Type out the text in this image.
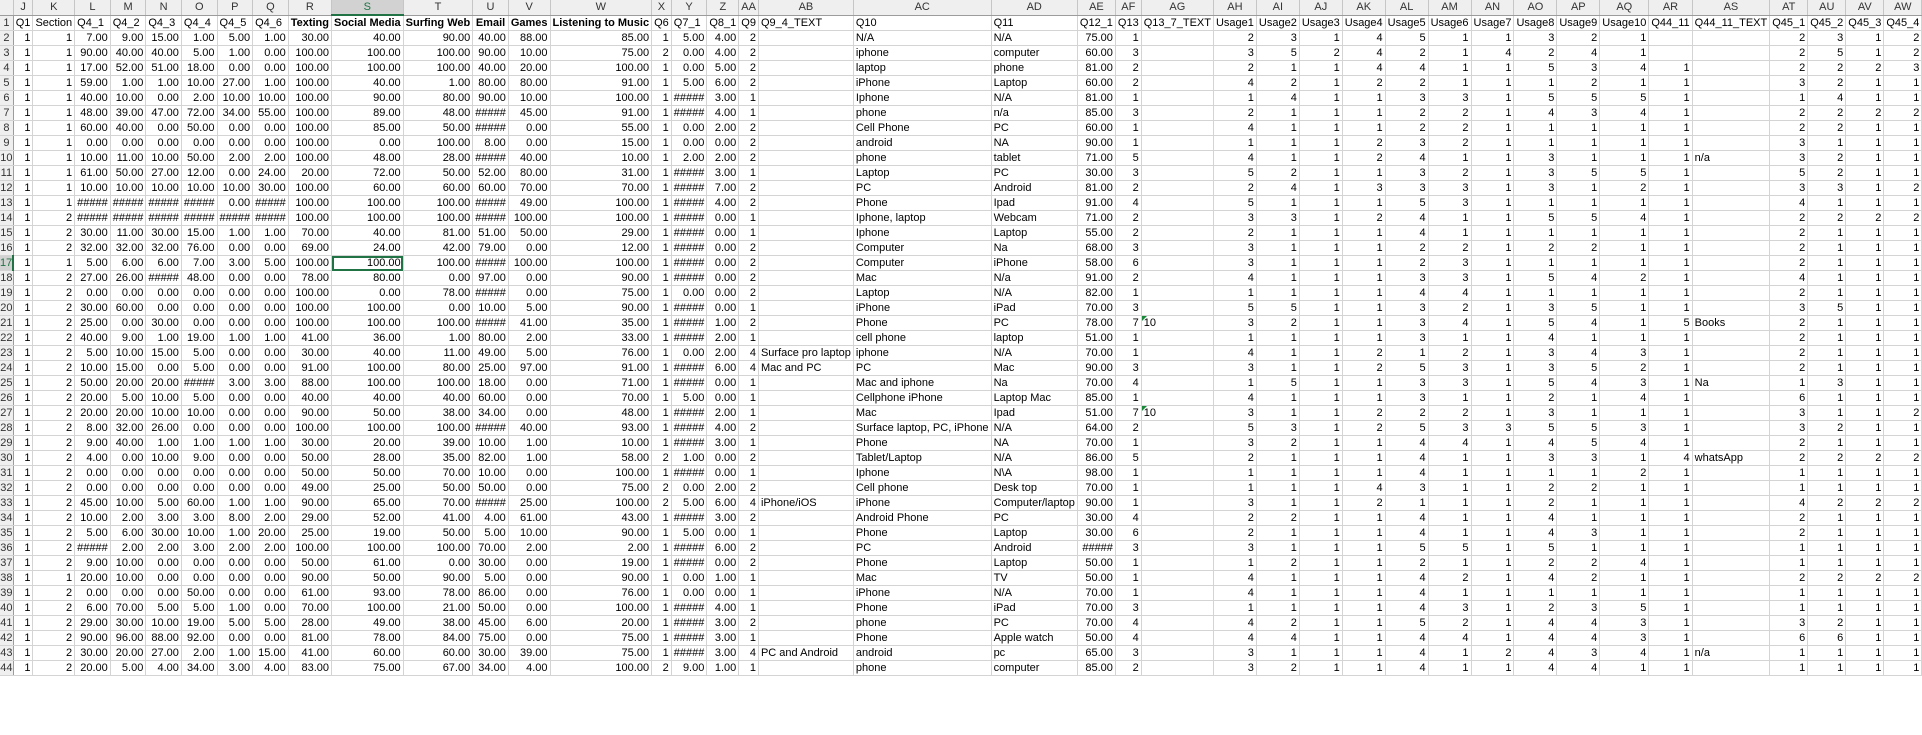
	J	K	L	M	N	O	P	Q	R	S	T	U	V	W	X	Y	Z	AA	AB	AC	AD	AE	AF	AG	AH	AI	AJ	AK	AL	AM	AN	AO	AP	AQ	AR	AS	AT	AU	AV	AW
1	Q1	Section	Q4_1	Q4_2	Q4_3	Q4_4	Q4_5	Q4_6	Texting	Social Media	Surfing Web	Email	Games	Listening to Music	Q6	Q7_1	Q8_1	Q9	Q9_4_TEXT	Q10	Q11	Q12_1	Q13	Q13_7_TEXT	Usage1	Usage2	Usage3	Usage4	Usage5	Usage6	Usage7	Usage8	Usage9	Usage10	Q44_11	Q44_11_TEXT	Q45_1	Q45_2	Q45_3	Q45_4
2	1	1	7.00	9.00	15.00	1.00	5.00	1.00	30.00	40.00	90.00	40.00	88.00	85.00	1	5.00	4.00	2		N/A	N/A	75.00	1		2	3	1	4	5	1	1	3	2	1			2	3	1	2
3	1	1	90.00	40.00	40.00	5.00	1.00	0.00	100.00	100.00	100.00	90.00	10.00	75.00	2	0.00	4.00	2		iphone	computer	60.00	3		3	5	2	4	2	1	4	2	4	1			2	5	1	2
4	1	1	17.00	52.00	51.00	18.00	0.00	0.00	100.00	100.00	100.00	40.00	20.00	100.00	1	0.00	5.00	2		laptop	phone	81.00	2		2	1	1	4	4	1	1	5	3	4	1		2	2	2	3
5	1	1	59.00	1.00	1.00	10.00	27.00	1.00	100.00	40.00	1.00	80.00	80.00	91.00	1	5.00	6.00	2		iPhone	Laptop	60.00	2		4	2	1	2	2	1	1	1	2	1	1		3	2	1	1
6	1	1	40.00	10.00	0.00	2.00	10.00	10.00	100.00	90.00	80.00	90.00	10.00	100.00	1	#####	3.00	1		Iphone	N/A	81.00	1		1	4	1	1	3	3	1	5	5	5	1		1	4	1	1
7	1	1	48.00	39.00	47.00	72.00	34.00	55.00	100.00	89.00	48.00	#####	45.00	91.00	1	#####	4.00	1		phone	n/a	85.00	3		2	1	1	1	2	2	1	4	3	4	1		2	2	2	2
8	1	1	60.00	40.00	0.00	50.00	0.00	0.00	100.00	85.00	50.00	#####	0.00	55.00	1	0.00	2.00	2		Cell Phone	PC	60.00	1		4	1	1	1	2	2	1	1	1	1	1		2	2	1	1
9	1	1	0.00	0.00	0.00	0.00	0.00	0.00	100.00	0.00	100.00	8.00	0.00	15.00	1	0.00	0.00	2		android	NA	90.00	1		1	1	1	2	3	2	1	1	1	1	1		3	1	1	1
10	1	1	10.00	11.00	10.00	50.00	2.00	2.00	100.00	48.00	28.00	#####	40.00	10.00	1	2.00	2.00	2		phone	tablet	71.00	5		4	1	1	2	4	1	1	3	1	1	1	n/a	3	2	1	1
11	1	1	61.00	50.00	27.00	12.00	0.00	24.00	20.00	72.00	50.00	52.00	80.00	31.00	1	#####	3.00	1		Laptop	PC	30.00	3		5	2	1	1	3	2	1	3	5	5	1		5	2	1	1
12	1	1	10.00	10.00	10.00	10.00	10.00	30.00	100.00	60.00	60.00	60.00	70.00	70.00	1	#####	7.00	2		PC	Android	81.00	2		2	4	1	3	3	3	1	3	1	2	1		3	3	1	2
13	1	1	#####	#####	#####	#####	0.00	#####	100.00	100.00	100.00	#####	49.00	100.00	1	#####	4.00	2		Phone	Ipad	91.00	4		5	1	1	1	5	3	1	1	1	1	1		4	1	1	1
14	1	2	#####	#####	#####	#####	#####	#####	100.00	100.00	100.00	#####	100.00	100.00	1	#####	0.00	1		Iphone, laptop	Webcam	71.00	2		3	3	1	2	4	1	1	5	5	4	1		2	2	2	2
15	1	2	30.00	11.00	30.00	15.00	1.00	1.00	70.00	40.00	81.00	51.00	50.00	29.00	1	#####	0.00	1		Iphone	Laptop	55.00	2		2	1	1	1	4	1	1	1	1	1	1		2	1	1	1
16	1	2	32.00	32.00	32.00	76.00	0.00	0.00	69.00	24.00	42.00	79.00	0.00	12.00	1	#####	0.00	2		Computer	Na	68.00	3		3	1	1	1	2	2	1	2	2	1	1		2	1	1	1
17	1	1	5.00	6.00	6.00	7.00	3.00	5.00	100.00	100.00	100.00	#####	100.00	100.00	1	#####	0.00	2		Computer	iPhone	58.00	6		3	1	1	1	2	3	1	1	1	1	1		2	1	1	1
18	1	2	27.00	26.00	#####	48.00	0.00	0.00	78.00	80.00	0.00	97.00	0.00	90.00	1	#####	0.00	2		Mac	N/a	91.00	2		4	1	1	1	3	3	1	5	4	2	1		4	1	1	1
19	1	2	0.00	0.00	0.00	0.00	0.00	0.00	100.00	0.00	78.00	#####	0.00	75.00	1	0.00	0.00	2		Laptop	N/A	82.00	1		1	1	1	1	4	4	1	1	1	1	1		2	1	1	1
20	1	2	30.00	60.00	0.00	0.00	0.00	0.00	100.00	100.00	0.00	10.00	5.00	90.00	1	#####	0.00	1		iPhone	iPad	70.00	3		5	5	1	1	3	2	1	3	5	1	1		3	5	1	1
21	1	2	25.00	0.00	30.00	0.00	0.00	0.00	100.00	100.00	100.00	#####	41.00	35.00	1	#####	1.00	2		Phone	PC	78.00	7	10	3	2	1	1	3	4	1	5	4	1	5	Books	2	1	1	1
22	1	2	40.00	9.00	1.00	19.00	1.00	1.00	41.00	36.00	1.00	80.00	2.00	33.00	1	#####	2.00	1		cell phone	laptop	51.00	1		1	1	1	1	3	1	1	4	1	1	1		2	1	1	1
23	1	2	5.00	10.00	15.00	5.00	0.00	0.00	30.00	40.00	11.00	49.00	5.00	76.00	1	0.00	2.00	4	Surface pro laptop	iphone	N/A	70.00	1		4	1	1	2	1	2	1	3	4	3	1		2	1	1	1
24	1	2	10.00	15.00	0.00	5.00	0.00	0.00	91.00	100.00	80.00	25.00	97.00	91.00	1	#####	6.00	4	Mac and PC	PC	Mac	90.00	3		3	1	1	2	5	3	1	3	5	2	1		2	1	1	1
25	1	2	50.00	20.00	20.00	#####	3.00	3.00	88.00	100.00	100.00	18.00	0.00	71.00	1	#####	0.00	1		Mac and iphone	Na	70.00	4		1	5	1	1	3	3	1	5	4	3	1	Na	1	3	1	1
26	1	2	20.00	5.00	10.00	5.00	0.00	0.00	40.00	40.00	40.00	60.00	0.00	70.00	1	5.00	0.00	1		Cellphone iPhone	Laptop Mac	85.00	1		4	1	1	1	3	1	1	2	1	4	1		6	1	1	1
27	1	2	20.00	20.00	10.00	10.00	0.00	0.00	90.00	50.00	38.00	34.00	0.00	48.00	1	#####	2.00	1		Mac	Ipad	51.00	7	10	3	1	1	2	2	2	1	3	1	1	1		3	1	1	2
28	1	2	8.00	32.00	26.00	0.00	0.00	0.00	100.00	100.00	100.00	#####	40.00	93.00	1	#####	4.00	2		Surface laptop, PC, iPhone	N/A	64.00	2		5	3	1	2	5	3	3	5	5	3	1		3	2	1	1
29	1	2	9.00	40.00	1.00	1.00	1.00	1.00	30.00	20.00	39.00	10.00	1.00	10.00	1	#####	3.00	1		Phone	NA	70.00	1		3	2	1	1	4	4	1	4	5	4	1		2	1	1	1
30	1	2	4.00	0.00	10.00	9.00	0.00	0.00	50.00	28.00	35.00	82.00	1.00	58.00	2	1.00	0.00	2		Tablet/Laptop	N/A	86.00	5		2	1	1	1	4	1	1	3	3	1	4	whatsApp	2	2	2	2
31	1	2	0.00	0.00	0.00	0.00	0.00	0.00	50.00	50.00	70.00	10.00	0.00	100.00	1	#####	0.00	1		Iphone	N\A	98.00	1		1	1	1	1	4	1	1	1	1	2	1		1	1	1	1
32	1	2	0.00	0.00	0.00	0.00	0.00	0.00	49.00	25.00	50.00	50.00	0.00	75.00	2	0.00	2.00	2		Cell phone	Desk top	70.00	1		1	1	1	4	3	1	1	2	2	1	1		1	1	1	1
33	1	2	45.00	10.00	5.00	60.00	1.00	1.00	90.00	65.00	70.00	#####	25.00	100.00	2	5.00	6.00	4	iPhone/iOS	iPhone	Computer/laptop	90.00	1		3	1	1	2	1	1	1	2	1	1	1		4	2	2	2
34	1	2	10.00	2.00	3.00	3.00	8.00	2.00	29.00	52.00	41.00	4.00	61.00	43.00	1	#####	3.00	2		Android Phone	PC	30.00	4		2	2	1	1	4	1	1	4	1	1	1		2	1	1	1
35	1	2	5.00	6.00	30.00	10.00	1.00	20.00	25.00	19.00	50.00	5.00	10.00	90.00	1	5.00	0.00	1		Phone	Laptop	30.00	6		2	1	1	1	4	1	1	4	3	1	1		2	1	1	1
36	1	2	#####	2.00	2.00	3.00	2.00	2.00	100.00	100.00	100.00	70.00	2.00	2.00	1	#####	6.00	2		PC	Android	#####	3		3	1	1	1	5	5	1	5	1	1	1		1	1	1	1
37	1	2	9.00	10.00	0.00	0.00	0.00	0.00	50.00	61.00	0.00	30.00	0.00	19.00	1	#####	0.00	2		Phone	Laptop	50.00	1		1	2	1	1	2	1	1	2	2	4	1		1	1	1	1
38	1	1	20.00	10.00	0.00	0.00	0.00	0.00	90.00	50.00	90.00	5.00	0.00	90.00	1	0.00	1.00	1		Mac	TV	50.00	1		4	1	1	1	4	2	1	4	2	1	1		2	2	2	2
39	1	2	0.00	0.00	0.00	50.00	0.00	0.00	61.00	93.00	78.00	86.00	0.00	76.00	1	0.00	0.00	1		iPhone	N/A	70.00	1		4	1	1	1	4	1	1	1	1	1	1		1	1	1	1
40	1	2	6.00	70.00	5.00	5.00	1.00	0.00	70.00	100.00	21.00	50.00	0.00	100.00	1	#####	4.00	1		Phone	iPad	70.00	3		1	1	1	1	4	3	1	2	3	5	1		1	1	1	1
41	1	2	29.00	30.00	10.00	19.00	5.00	5.00	28.00	49.00	38.00	45.00	6.00	20.00	1	#####	3.00	2		phone	PC	70.00	4		4	2	1	1	5	2	1	4	4	3	1		3	2	1	1
42	1	2	90.00	96.00	88.00	92.00	0.00	0.00	81.00	78.00	84.00	75.00	0.00	75.00	1	#####	3.00	1		Phone	Apple watch	50.00	4		4	4	1	1	4	4	1	4	4	3	1		6	6	1	1
43	1	2	30.00	20.00	27.00	2.00	1.00	15.00	41.00	60.00	60.00	30.00	39.00	75.00	1	#####	3.00	4	PC and Android	android	pc	65.00	3		3	1	1	1	4	1	2	4	3	4	1	n/a	1	1	1	1
44	1	2	20.00	5.00	4.00	34.00	3.00	4.00	83.00	75.00	67.00	34.00	4.00	100.00	2	9.00	1.00	1		phone	computer	85.00	2		3	2	1	1	4	1	1	4	4	1	1		1	1	1	1
